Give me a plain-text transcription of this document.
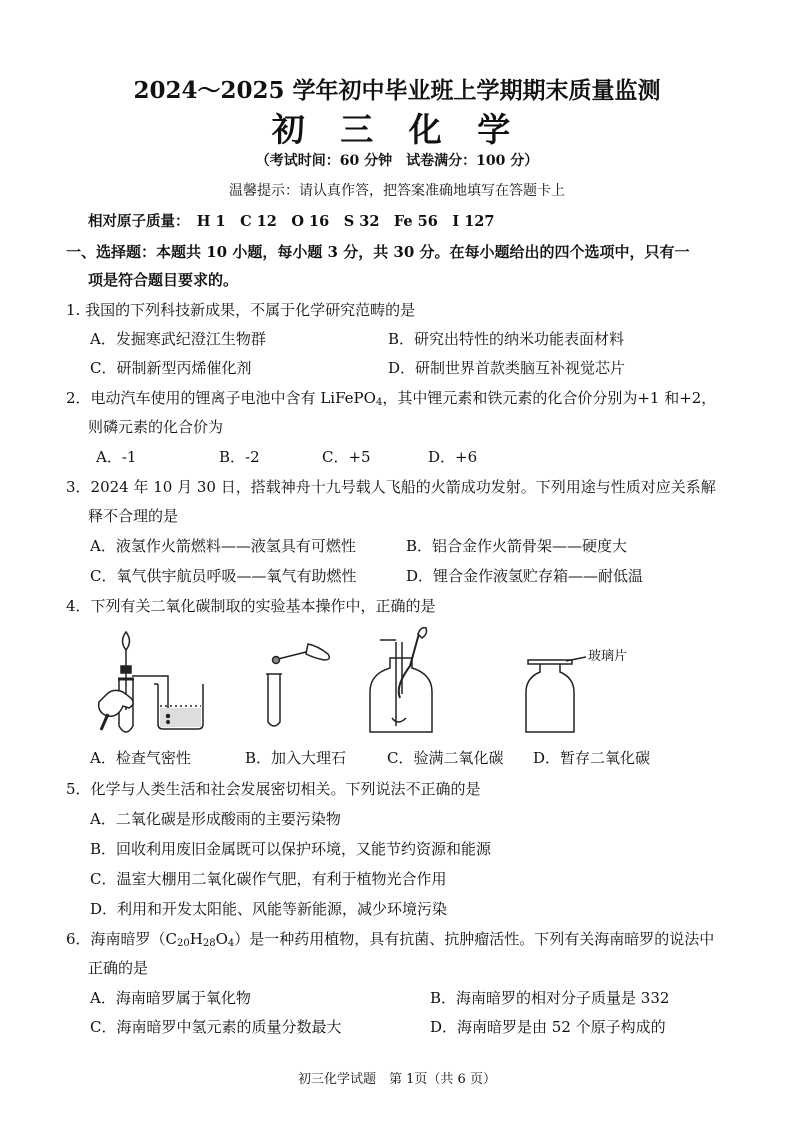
2024～2025 学年初中毕业班上学期期末质量监测
初 三 化 学
（考试时间：60 分钟　试卷满分：100 分）
温馨提示：请认真作答，把答案准确地填写在答题卡上
相对原子质量：　H 1　C 12　O 16　S 32　Fe 56　I 127
一、选择题：本题共 10 小题，每小题 3 分，共 30 分。在每小题给出的四个选项中，只有一
项是符合题目要求的。
1. 我国的下列科技新成果，不属于化学研究范畴的是
A．发掘寒武纪澄江生物群	B．研究出特性的纳米功能表面材料
C．研制新型丙烯催化剂	D．研制世界首款类脑互补视觉芯片
2．电动汽车使用的锂离子电池中含有 LiFePO$_4$，其中锂元素和铁元素的化合价分别为+1 和+2，
则磷元素的化合价为
A．-1	B．-2	C．+5	D．+6
3．2024 年 10 月 30 日，搭载神舟十九号载人飞船的火箭成功发射。下列用途与性质对应关系解
释不合理的是
A．液氢作火箭燃料——液氢具有可燃性	B．铝合金作火箭骨架——硬度大
C．氧气供宇航员呼吸——氧气有助燃性	D．锂合金作液氢贮存箱——耐低温
4．下列有关二氧化碳制取的实验基本操作中，正确的是
玻璃片
A．检查气密性	B．加入大理石	C．验满二氧化碳 D．暂存二氧化碳
5．化学与人类生活和社会发展密切相关。下列说法不正确的是
A．二氧化碳是形成酸雨的主要污染物
B．回收利用废旧金属既可以保护环境，又能节约资源和能源
C．温室大棚用二氧化碳作气肥，有利于植物光合作用
D．利用和开发太阳能、风能等新能源，减少环境污染
6．海南暗罗$(C_{20}H_{28}O_4)$是一种药用植物，具有抗菌、抗肿瘤活性。下列有关海南暗罗的说法中
正确的是
A．海南暗罗属于氧化物	B．海南暗罗的相对分子质量是 332
C．海南暗罗中氢元素的质量分数最大	D．海南暗罗是由 52 个原子构成的
初三化学试题　第 1页（共 6 页）
